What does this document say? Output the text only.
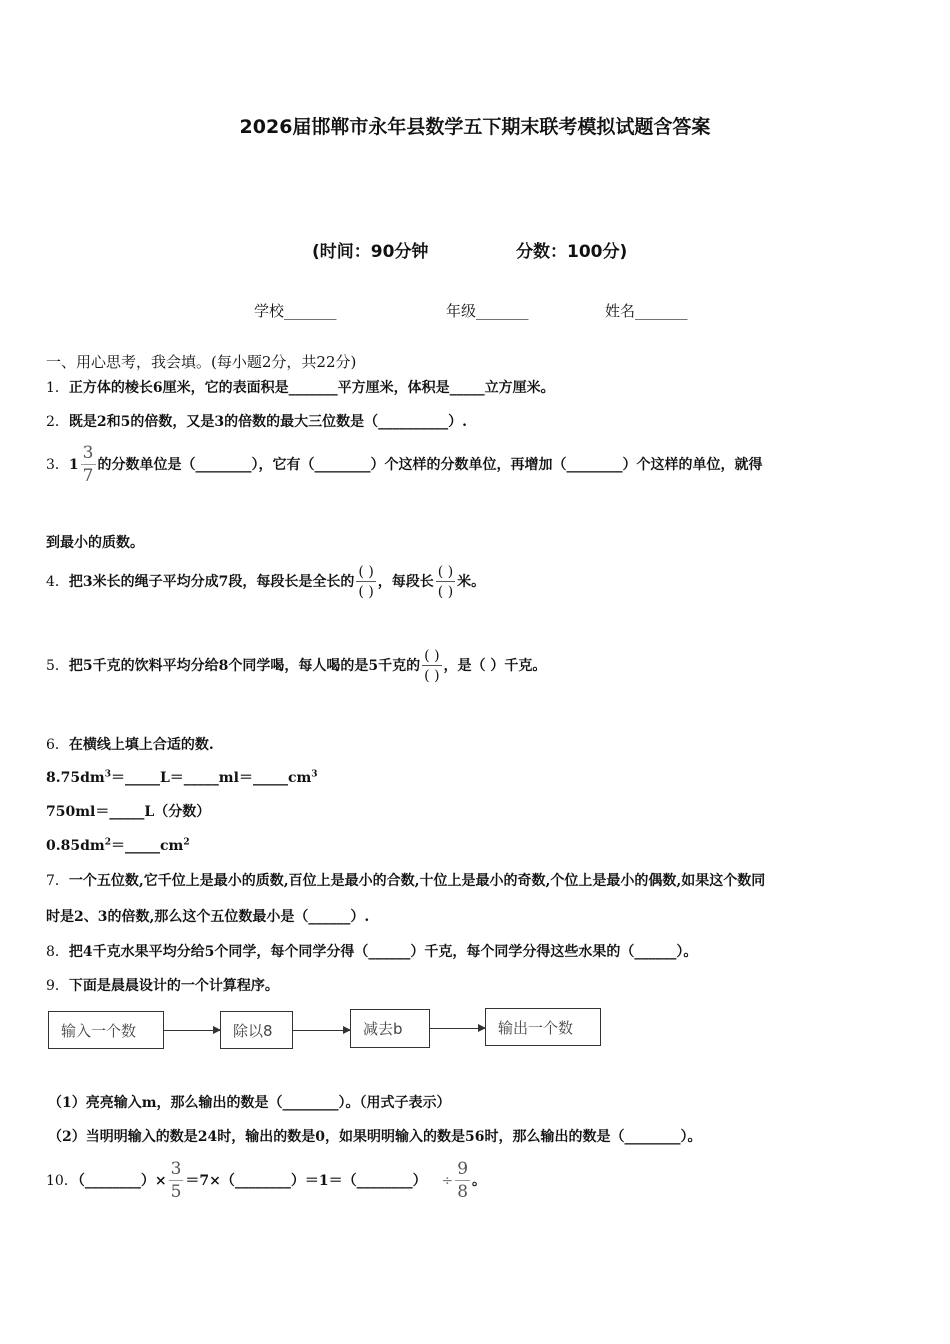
2026届邯郸市永年县数学五下期末联考模拟试题含答案
(时间：90分钟	分数：100分)
学校_______	年级_______	姓名_______
一、用心思考，我会填。(每小题2分，共22分)
1．正方体的棱长6厘米，它的表面积是_______平方厘米，体积是_____立方厘米。
2．既是2和5的倍数，又是3的倍数的最大三位数是（__________）.
3．$1 \frac{3}{7}$ 的分数单位是（________），它有（________）个这样的分数单位，再增加（________）个这样的单位，就得
到最小的质数。
4．把3米长的绳子平均分成7段，每段长是全长的 $\frac{( )}{( )}$ ，每段长 $\frac{( )}{( )}$ 米。
5．把5千克的饮料平均分给8个同学喝，每人喝的是5千克的 $\frac{( )}{( )}$ ，是（ ）千克。
6．在横线上填上合适的数.
$8.75dm^3=\_\_\_\_\_L=\_\_\_\_\_ml=\_\_\_\_\_cm^3$
750ml＝_____L（分数）
$0.85dm^2=\_\_\_\_\_cm^2$
7．一个五位数,它千位上是最小的质数,百位上是最小的合数,十位上是最小的奇数,个位上是最小的偶数,如果这个数同
时是2、3的倍数,那么这个五位数最小是（______）.
8．把4千克水果平均分给5个同学，每个同学分得（______）千克，每个同学分得这些水果的（______）。
9．下面是晨晨设计的一个计算程序。
输入一个数	除以8	减去b	输出一个数
（1）亮亮输入m，那么输出的数是（________）。（用式子表示）
（2）当明明输入的数是24时，输出的数是0，如果明明输入的数是56时，那么输出的数是（________）。
10．（________）× $\frac{3}{5}$ ＝7×（________）＝1＝（________） ÷ $\frac{9}{8}$ 。
